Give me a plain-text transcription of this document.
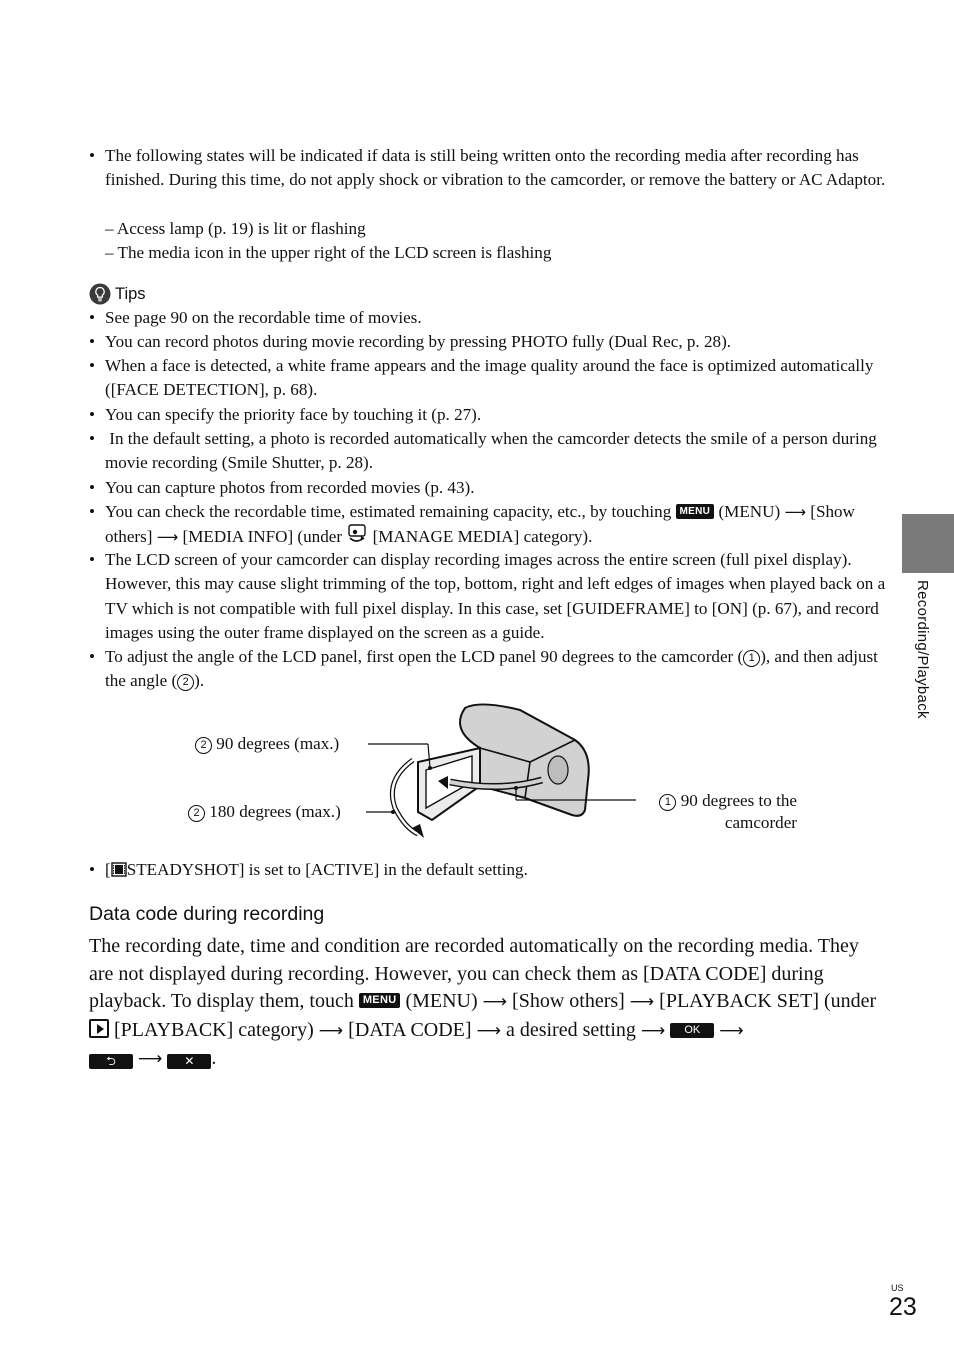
• The following states will be indicated if data is still being written onto the recording media after recording has finished. During this time, do not apply shock or vibration to the camcorder, or remove the battery or AC Adaptor.
– Access lamp (p. 19) is lit or flashing
– The media icon in the upper right of the LCD screen is flashing
Tips
• See page 90 on the recordable time of movies.
• You can record photos during movie recording by pressing PHOTO fully (Dual Rec, p. 28).
• When a face is detected, a white frame appears and the image quality around the face is optimized automatically ([FACE DETECTION], p. 68).
• You can specify the priority face by touching it (p. 27).
• In the default setting, a photo is recorded automatically when the camcorder detects the smile of a person during movie recording (Smile Shutter, p. 28).
• You can capture photos from recorded movies (p. 43).
• You can check the recordable time, estimated remaining capacity, etc., by touching MENU (MENU) ⟶ [Show others] ⟶ [MEDIA INFO] (under  [MANAGE MEDIA] category).
• The LCD screen of your camcorder can display recording images across the entire screen (full pixel display). However, this may cause slight trimming of the top, bottom, right and left edges of images when played back on a TV which is not compatible with full pixel display. In this case, set [GUIDEFRAME] to [ON] (p. 67), and record images using the outer frame displayed on the screen as a guide.
• To adjust the angle of the LCD panel, first open the LCD panel 90 degrees to the camcorder ( 1 ), and then adjust the angle ( 2 ).
2 90 degrees (max.)
2 180 degrees (max.)	1 90 degrees to the
camcorder
• [ STEADYSHOT] is set to [ACTIVE] in the default setting.
Data code during recording
The recording date, time and condition are recorded automatically on the recording media. They are not displayed during recording. However, you can check them as [DATA CODE] during playback. To display them, touch MENU (MENU) ⟶ [Show others] ⟶ [PLAYBACK SET] (under  [PLAYBACK] category) ⟶ [DATA CODE] ⟶ a desired setting ⟶ OK ⟶
⮌ ⟶ ✕ .
Recording/Playback
US
23
